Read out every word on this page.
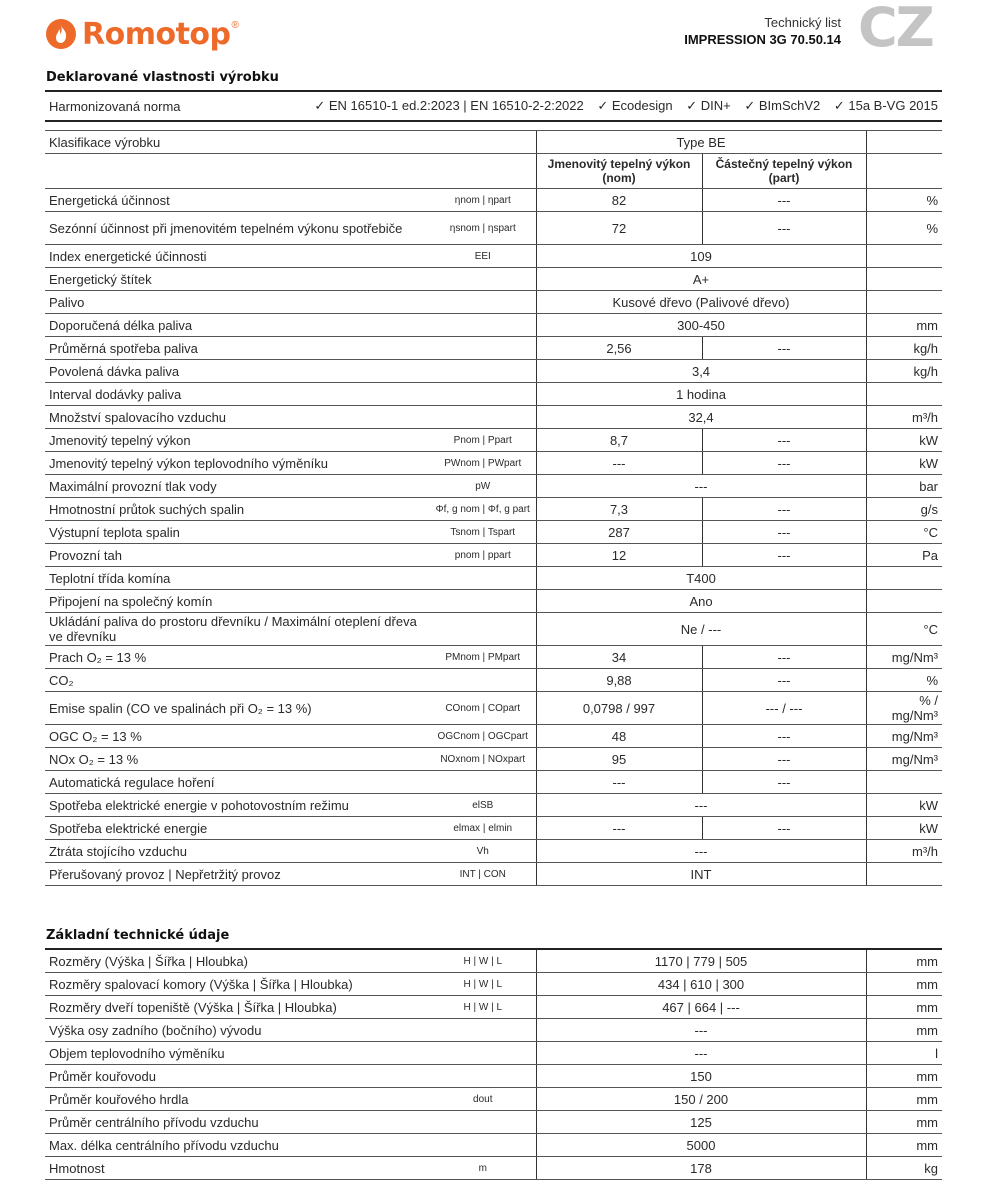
Romotop ®	Technický list
IMPRESSION 3G 70.50.14 CZ
Deklarované vlastnosti výrobku
Harmonizovaná norma	✓ EN 16510-1 ed.2:2023 | EN 16510-2-2:2022 ✓ Ecodesign ✓ DIN+ ✓ BImSchV2 ✓ 15a B-VG 2015
Klasifikace výrobku		Type BE		
		Jmenovitý tepelný výkon (nom)	Částečný tepelný výkon (part)	
Energetická účinnost	ηnom | ηpart	82	---	%
Sezónní účinnost při jmenovitém tepelném výkonu spotřebiče	ηsnom | ηspart	72	---	%
Index energetické účinnosti	EEI	109		
Energetický štítek		A+		
Palivo		Kusové dřevo (Palivové dřevo)		
Doporučená délka paliva		300-450		mm
Průměrná spotřeba paliva		2,56	---	kg/h
Povolená dávka paliva		3,4		kg/h
Interval dodávky paliva		1 hodina		
Množství spalovacího vzduchu		32,4		m³/h
Jmenovitý tepelný výkon	Pnom | Ppart	8,7	---	kW
Jmenovitý tepelný výkon teplovodního výměníku	PWnom | PWpart	---	---	kW
Maximální provozní tlak vody	pW	---		bar
Hmotnostní průtok suchých spalin	Φf, g nom | Φf, g part	7,3	---	g/s
Výstupní teplota spalin	Tsnom | Tspart	287	---	°C
Provozní tah	pnom | ppart	12	---	Pa
Teplotní třída komína		T400		
Připojení na společný komín		Ano		
Ukládání paliva do prostoru dřevníku / Maximální oteplení dřeva ve dřevníku		Ne / ---		°C
Prach O₂ = 13 %	PMnom | PMpart	34	---	mg/Nm³
CO₂		9,88	---	%
Emise spalin (CO ve spalinách při O₂ = 13 %)	COnom | COpart	0,0798 / 997	--- / ---	% / mg/Nm³
OGC O₂ = 13 %	OGCnom | OGCpart	48	---	mg/Nm³
NOx O₂ = 13 %	NOxnom | NOxpart	95	---	mg/Nm³
Automatická regulace hoření		---	---	
Spotřeba elektrické energie v pohotovostním režimu	elSB	---		kW
Spotřeba elektrické energie	elmax | elmin	---	---	kW
Ztráta stojícího vzduchu	Vh	---		m³/h
Přerušovaný provoz | Nepřetržitý provoz	INT | CON	INT		
Základní technické údaje
Rozměry (Výška | Šířka | Hloubka)	H | W | L	1170 | 779 | 505	mm
Rozměry spalovací komory (Výška | Šířka | Hloubka)	H | W | L	434 | 610 | 300	mm
Rozměry dveří topeniště (Výška | Šířka | Hloubka)	H | W | L	467 | 664 | ---	mm
Výška osy zadního (bočního) vývodu		---	mm
Objem teplovodního výměníku		---	l
Průměr kouřovodu		150	mm
Průměr kouřového hrdla	dout	150 / 200	mm
Průměr centrálního přívodu vzduchu		125	mm
Max. délka centrálního přívodu vzduchu		5000	mm
Hmotnost	m	178	kg
